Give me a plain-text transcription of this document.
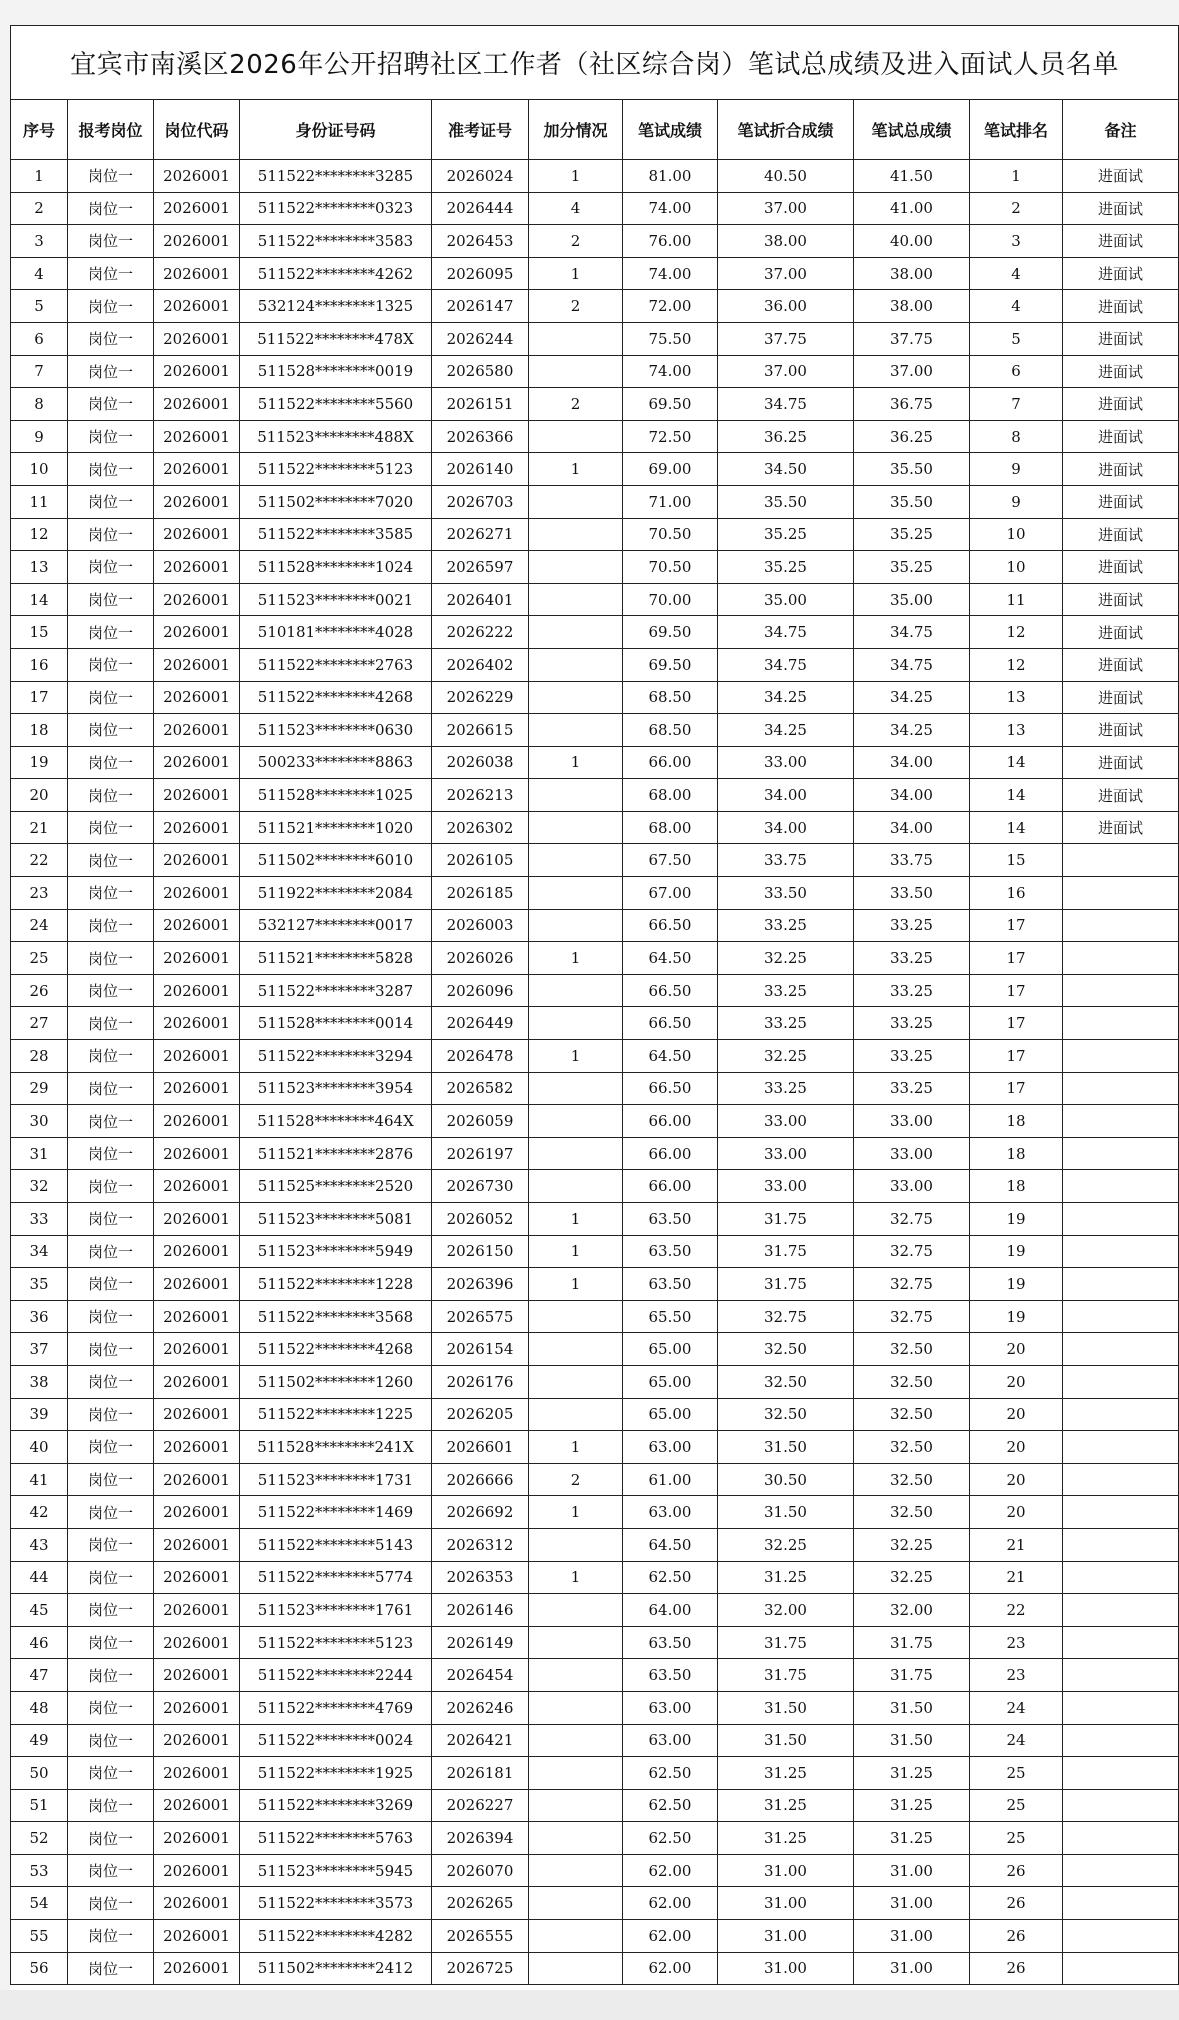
宜宾市南溪区2026年公开招聘社区工作者（社区综合岗）笔试总成绩及进入面试人员名单										
序号	报考岗位	岗位代码	身份证号码	准考证号	加分情况	笔试成绩	笔试折合成绩	笔试总成绩	笔试排名	备注
1	岗位一	2026001	511522********3285	2026024	1	81.00	40.50	41.50	1	进面试
2	岗位一	2026001	511522********0323	2026444	4	74.00	37.00	41.00	2	进面试
3	岗位一	2026001	511522********3583	2026453	2	76.00	38.00	40.00	3	进面试
4	岗位一	2026001	511522********4262	2026095	1	74.00	37.00	38.00	4	进面试
5	岗位一	2026001	532124********1325	2026147	2	72.00	36.00	38.00	4	进面试
6	岗位一	2026001	511522********478X	2026244		75.50	37.75	37.75	5	进面试
7	岗位一	2026001	511528********0019	2026580		74.00	37.00	37.00	6	进面试
8	岗位一	2026001	511522********5560	2026151	2	69.50	34.75	36.75	7	进面试
9	岗位一	2026001	511523********488X	2026366		72.50	36.25	36.25	8	进面试
10	岗位一	2026001	511522********5123	2026140	1	69.00	34.50	35.50	9	进面试
11	岗位一	2026001	511502********7020	2026703		71.00	35.50	35.50	9	进面试
12	岗位一	2026001	511522********3585	2026271		70.50	35.25	35.25	10	进面试
13	岗位一	2026001	511528********1024	2026597		70.50	35.25	35.25	10	进面试
14	岗位一	2026001	511523********0021	2026401		70.00	35.00	35.00	11	进面试
15	岗位一	2026001	510181********4028	2026222		69.50	34.75	34.75	12	进面试
16	岗位一	2026001	511522********2763	2026402		69.50	34.75	34.75	12	进面试
17	岗位一	2026001	511522********4268	2026229		68.50	34.25	34.25	13	进面试
18	岗位一	2026001	511523********0630	2026615		68.50	34.25	34.25	13	进面试
19	岗位一	2026001	500233********8863	2026038	1	66.00	33.00	34.00	14	进面试
20	岗位一	2026001	511528********1025	2026213		68.00	34.00	34.00	14	进面试
21	岗位一	2026001	511521********1020	2026302		68.00	34.00	34.00	14	进面试
22	岗位一	2026001	511502********6010	2026105		67.50	33.75	33.75	15	
23	岗位一	2026001	511922********2084	2026185		67.00	33.50	33.50	16	
24	岗位一	2026001	532127********0017	2026003		66.50	33.25	33.25	17	
25	岗位一	2026001	511521********5828	2026026	1	64.50	32.25	33.25	17	
26	岗位一	2026001	511522********3287	2026096		66.50	33.25	33.25	17	
27	岗位一	2026001	511528********0014	2026449		66.50	33.25	33.25	17	
28	岗位一	2026001	511522********3294	2026478	1	64.50	32.25	33.25	17	
29	岗位一	2026001	511523********3954	2026582		66.50	33.25	33.25	17	
30	岗位一	2026001	511528********464X	2026059		66.00	33.00	33.00	18	
31	岗位一	2026001	511521********2876	2026197		66.00	33.00	33.00	18	
32	岗位一	2026001	511525********2520	2026730		66.00	33.00	33.00	18	
33	岗位一	2026001	511523********5081	2026052	1	63.50	31.75	32.75	19	
34	岗位一	2026001	511523********5949	2026150	1	63.50	31.75	32.75	19	
35	岗位一	2026001	511522********1228	2026396	1	63.50	31.75	32.75	19	
36	岗位一	2026001	511522********3568	2026575		65.50	32.75	32.75	19	
37	岗位一	2026001	511522********4268	2026154		65.00	32.50	32.50	20	
38	岗位一	2026001	511502********1260	2026176		65.00	32.50	32.50	20	
39	岗位一	2026001	511522********1225	2026205		65.00	32.50	32.50	20	
40	岗位一	2026001	511528********241X	2026601	1	63.00	31.50	32.50	20	
41	岗位一	2026001	511523********1731	2026666	2	61.00	30.50	32.50	20	
42	岗位一	2026001	511522********1469	2026692	1	63.00	31.50	32.50	20	
43	岗位一	2026001	511522********5143	2026312		64.50	32.25	32.25	21	
44	岗位一	2026001	511522********5774	2026353	1	62.50	31.25	32.25	21	
45	岗位一	2026001	511523********1761	2026146		64.00	32.00	32.00	22	
46	岗位一	2026001	511522********5123	2026149		63.50	31.75	31.75	23	
47	岗位一	2026001	511522********2244	2026454		63.50	31.75	31.75	23	
48	岗位一	2026001	511522********4769	2026246		63.00	31.50	31.50	24	
49	岗位一	2026001	511522********0024	2026421		63.00	31.50	31.50	24	
50	岗位一	2026001	511522********1925	2026181		62.50	31.25	31.25	25	
51	岗位一	2026001	511522********3269	2026227		62.50	31.25	31.25	25	
52	岗位一	2026001	511522********5763	2026394		62.50	31.25	31.25	25	
53	岗位一	2026001	511523********5945	2026070		62.00	31.00	31.00	26	
54	岗位一	2026001	511522********3573	2026265		62.00	31.00	31.00	26	
55	岗位一	2026001	511522********4282	2026555		62.00	31.00	31.00	26	
56	岗位一	2026001	511502********2412	2026725		62.00	31.00	31.00	26	
